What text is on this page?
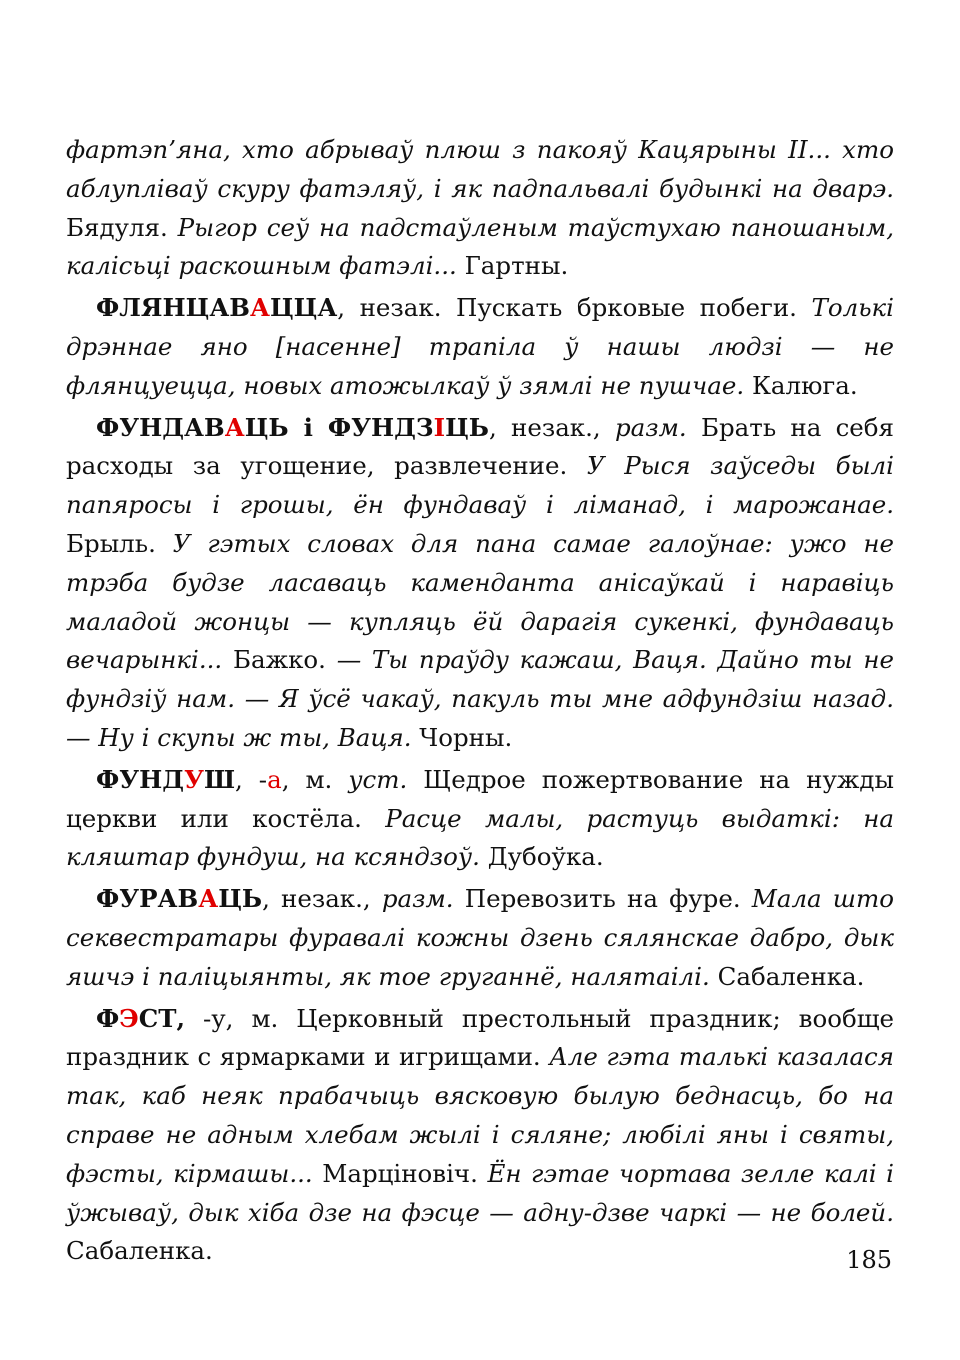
фартэп’яна, хто абрываў плюш з пакояў Кацярыны II... хто аблупліваў скуру фатэляў, і як падпальвалі будынкі на дварэ. Бядуля. Рыгор сеў на падстаўленым таўстухаю паношаным, калісьці раскошным фатэлі... Гартны.

ФЛЯНЦАВАЦЦА, незак. Пускать брковые побеги. Толькі дрэннае яно [насенне] трапіла ў нашы людзі — не флянцуецца, новых атожылкаў ў зямлі не пушчае. Калюга.

ФУНДАВАЦЬ і ФУНДЗІЦЬ, незак., разм. Брать на себя расходы за угощение, развлечение. У Рыся заўседы былі папяросы і грошы, ён фундаваў і ліманад, і марожанае. Брыль. У гэтых словах для пана самае галоўнае: ужо не трэба будзе ласаваць каменданта анісаўкай і наравіць маладой жонцы — купляць ёй дарагія сукенкі, фундаваць вечарынкі... Бажко. — Ты праўду кажаш, Ваця. Дайно ты не фундзіў нам. — Я ўсё чакаў, пакуль ты мне адфундзіш назад. — Ну і скупы ж ты, Ваця. Чорны.

ФУНДУШ, -а, м. уст. Щедрое пожертвование на нужды церкви или костёла. Расце малы, растуць выдаткі: на кляштар фундуш, на ксяндзоў. Дубоўка.

ФУРАВАЦЬ, незак., разм. Перевозить на фуре. Мала што секвестратары фуравалі кожны дзень сялянскае дабро, дык яшчэ і паліцыянты, як тое груганнё, налятаілі. Сабаленка.

ФЭСТ, -у, м. Церковный престольный праздник; вообще праздник с ярмарками и игрищами. Але гэта талькі казалася так, каб неяк прабачыць вясковую былую беднасць, бо на справе не адным хлебам жылі і сяляне; любілі яны і святы, фэсты, кірмашы... Марціновіч. Ён гэтае чортава зелле калі і ўжываў, дык хіба дзе на фэсце — адну-дзве чаркі — не болей. Сабаленка.	185
